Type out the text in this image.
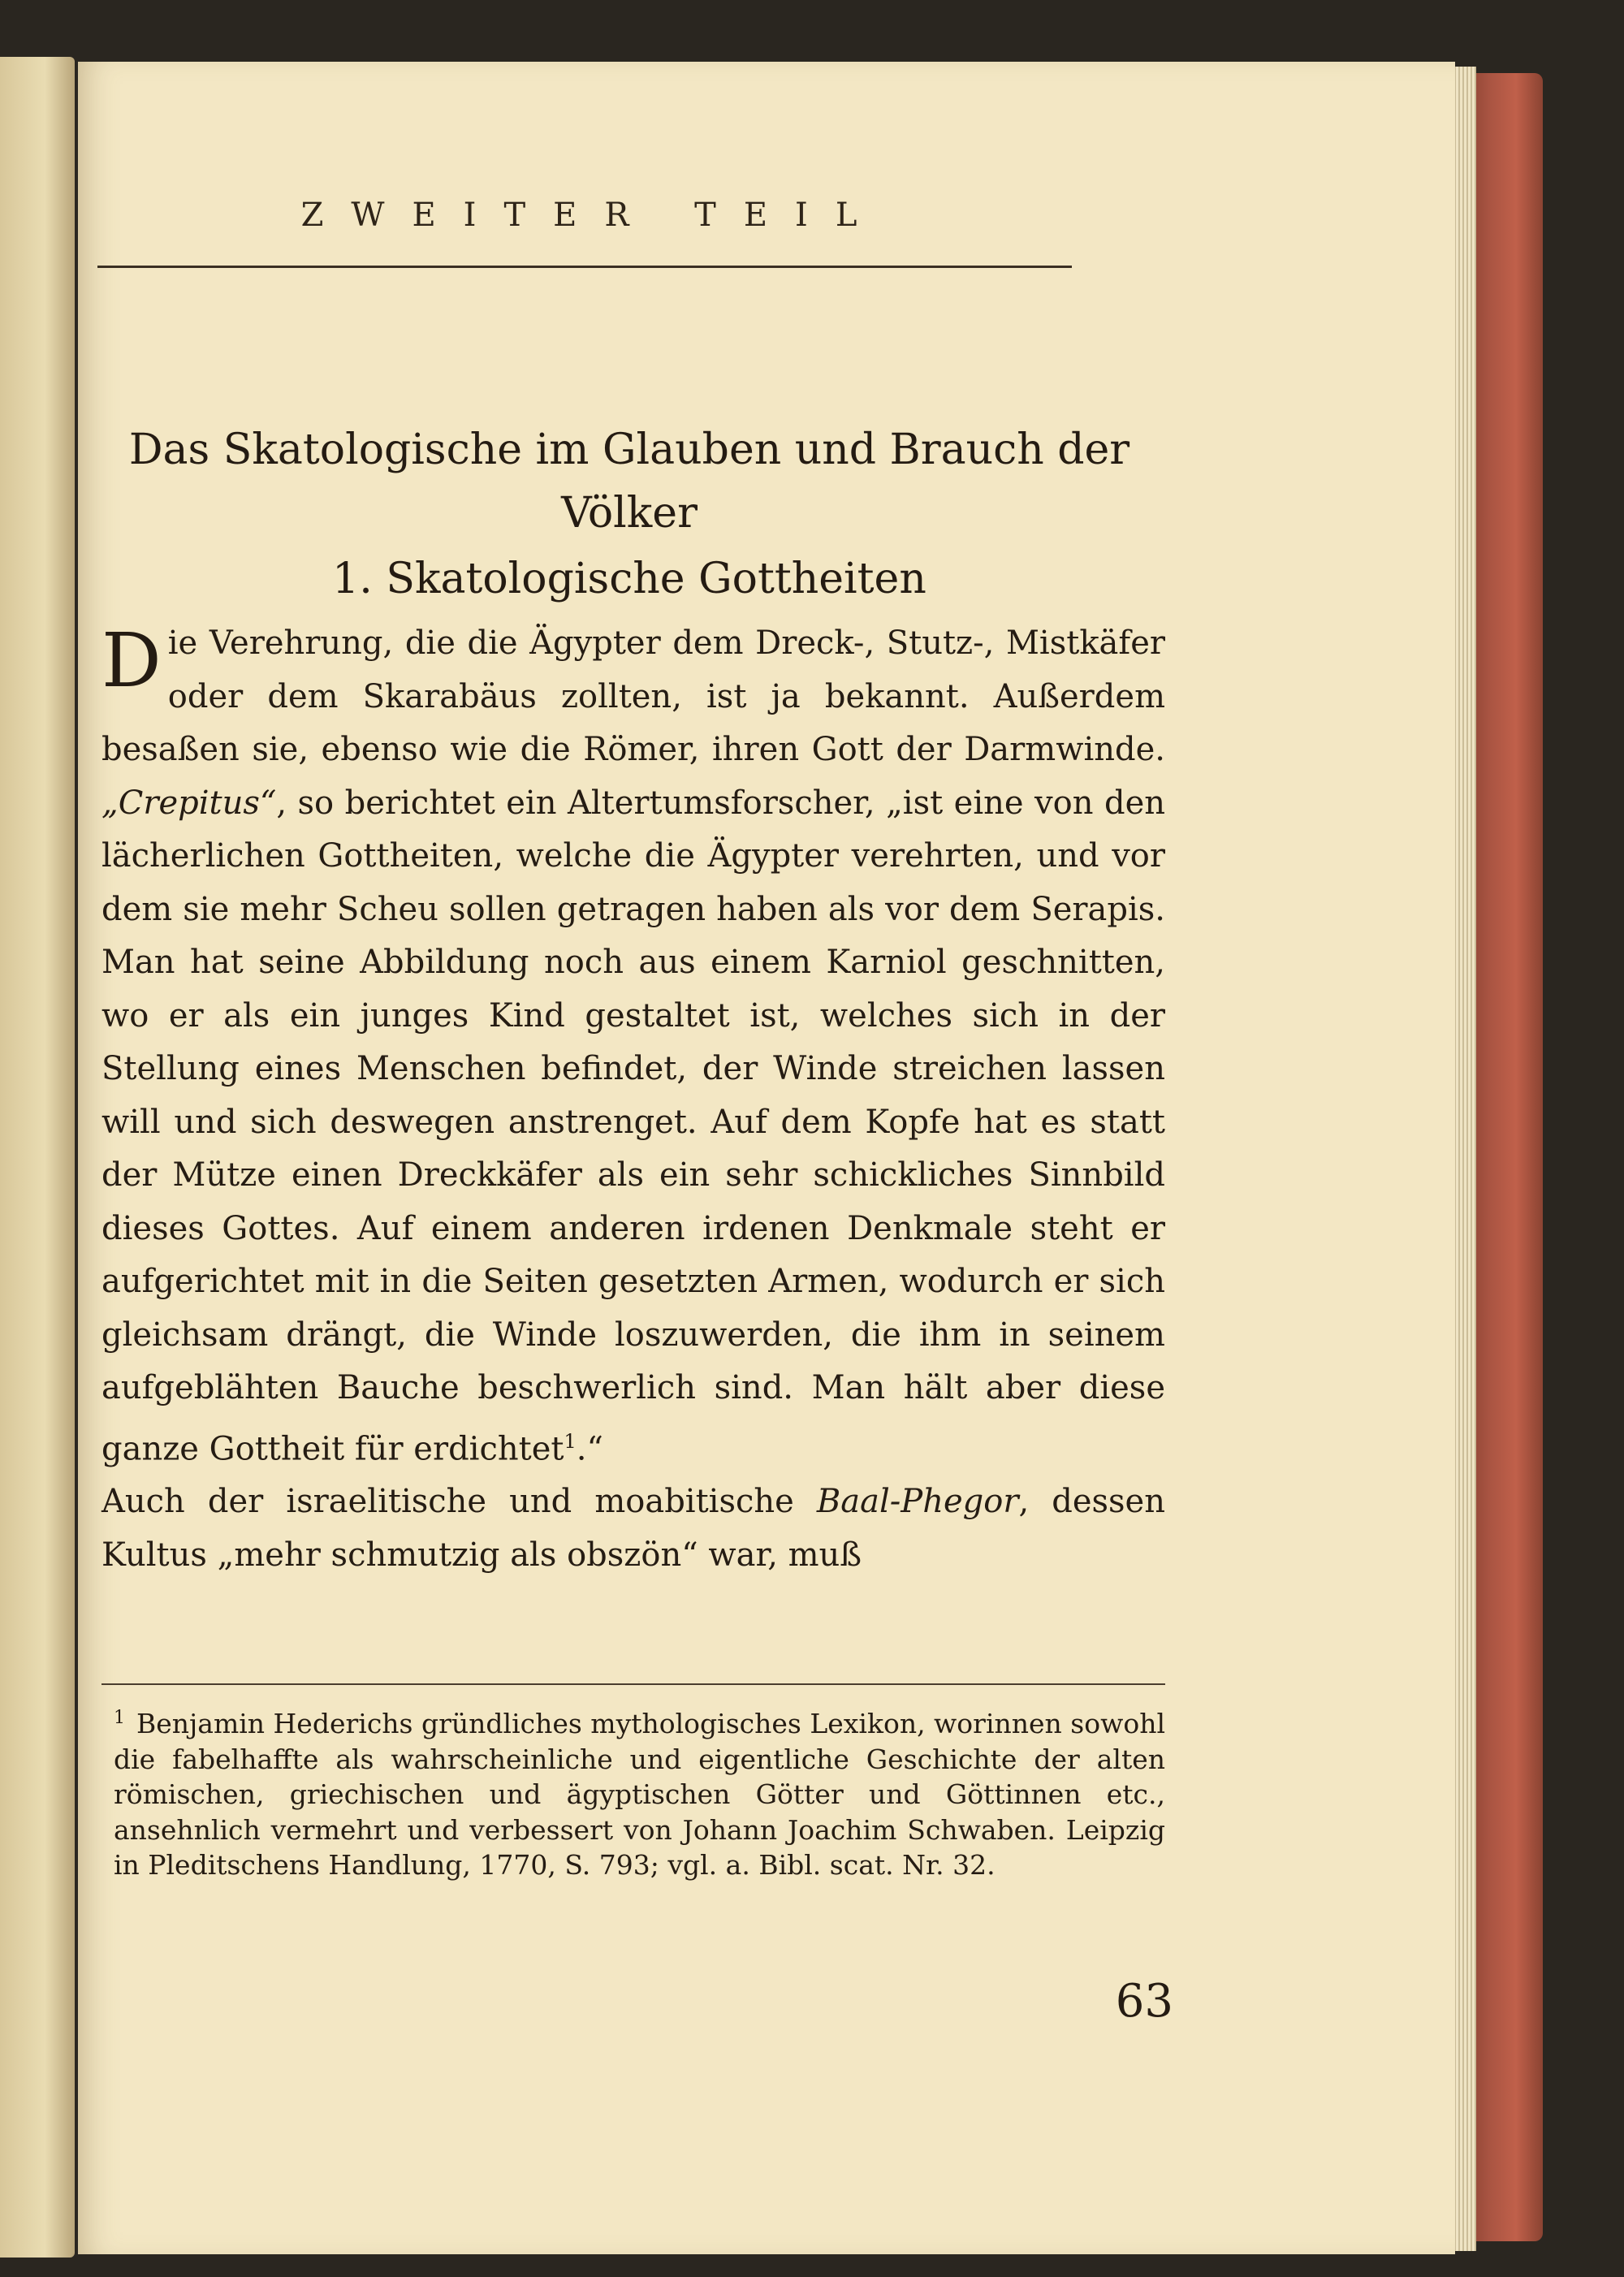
ZWEITER TEIL
Das Skatologische im Glauben und Brauch der Völker
1. Skatologische Gottheiten

Die Verehrung, die die Ägypter dem Dreck-, Stutz-, Mistkäfer oder dem Skarabäus zollten, ist ja bekannt. Außerdem besaßen sie, ebenso wie die Römer, ihren Gott der Darmwinde. „Crepitus“, so berichtet ein Altertumsforscher, „ist eine von den lächerlichen Gottheiten, welche die Ägypter verehrten, und vor dem sie mehr Scheu sollen getragen haben als vor dem Serapis. Man hat seine Abbildung noch aus einem Karniol geschnitten, wo er als ein junges Kind gestaltet ist, welches sich in der Stellung eines Menschen befindet, der Winde streichen lassen will und sich deswegen anstrenget. Auf dem Kopfe hat es statt der Mütze einen Dreckkäfer als ein sehr schickliches Sinnbild dieses Gottes. Auf einem anderen irdenen Denkmale steht er aufgerichtet mit in die Seiten gesetzten Armen, wodurch er sich gleichsam drängt, die Winde loszuwerden, die ihm in seinem aufgeblähten Bauche beschwerlich sind. Man hält aber diese ganze Gottheit für erdichtet$^1$.“

Auch der israelitische und moabitische Baal-Phegor, dessen Kultus „mehr schmutzig als obszön“ war, muß

$^1$ Benjamin Hederichs gründliches mythologisches Lexikon, worinnen sowohl die fabelhaffte als wahrscheinliche und eigentliche Geschichte der alten römischen, griechischen und ägyptischen Götter und Göttinnen etc., ansehnlich vermehrt und verbessert von Johann Joachim Schwaben. Leipzig in Pleditschens Handlung, 1770, S. 793; vgl. a. Bibl. scat. Nr. 32.
63
